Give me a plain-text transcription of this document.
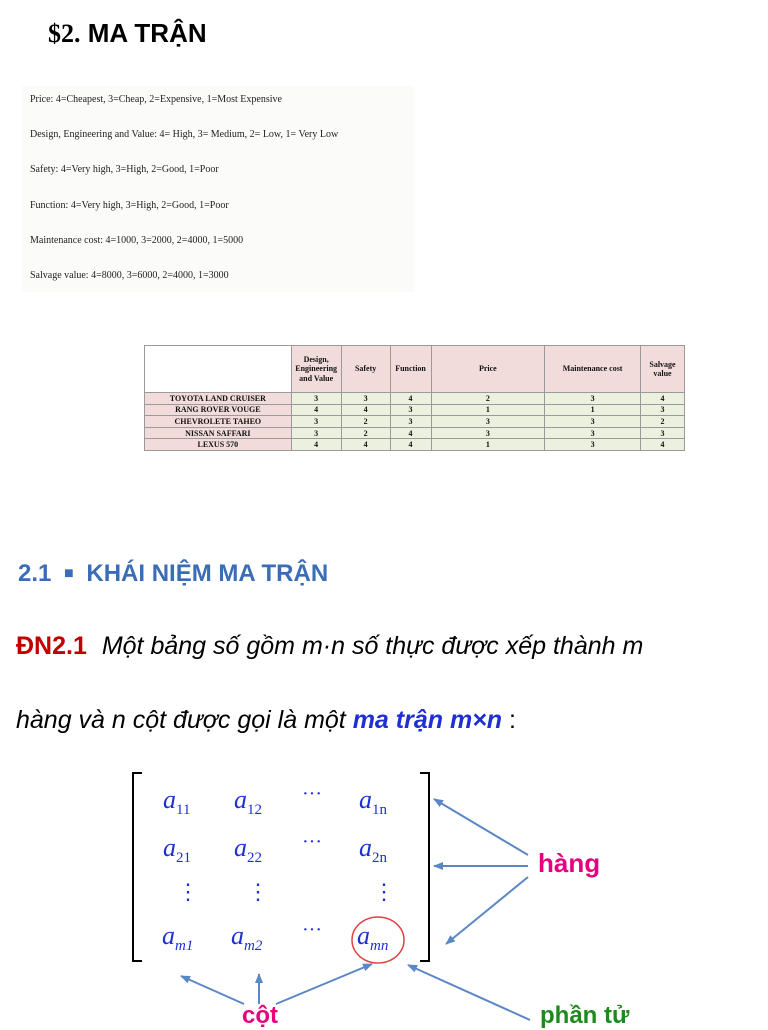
$2. MA TRẬN
Price: 4=Cheapest, 3=Cheap, 2=Expensive, 1=Most Expensive
Design, Engineering and Value: 4= High, 3= Medium, 2= Low, 1= Very Low
Safety: 4=Very high, 3=High, 2=Good, 1=Poor
Function: 4=Very high, 3=High, 2=Good, 1=Poor
Maintenance cost: 4=1000, 3=2000, 2=4000, 1=5000
Salvage value: 4=8000, 3=6000, 2=4000, 1=3000
	Design, Engineering and Value	Safety	Function	Price	Maintenance cost	Salvage value
TOYOTA LAND CRUISER	3	3	4	2	3	4
RANG ROVER VOUGE	4	4	3	1	1	3
CHEVROLETE TAHEO	3	2	3	3	3	2
NISSAN SAFFARI	3	2	4	3	3	3
LEXUS 570	4	4	4	1	3	4
2.1 ■ KHÁI NIỆM MA TRẬN
ĐN2.1 Một bảng số gồm m·n số thực được xếp thành m
hàng và n cột được gọi là một ma trận m×n :
$a_{11}$ $a_{12}$
··· $a_{1n}$
$a_{21}$ $a_{22}$
··· $a_{2n}$
⋮ ⋮	⋮
$a_{m1}$ $a_{m2}$
··· $a_{mn}$
hàng
cột	phần tử
